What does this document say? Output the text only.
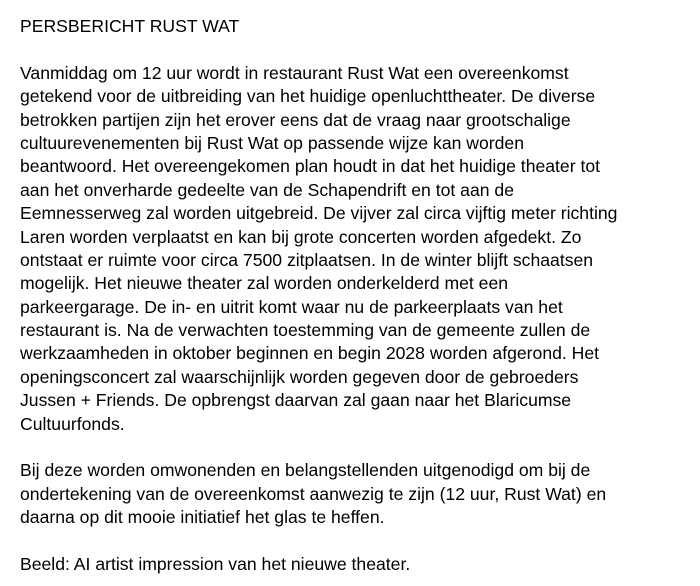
PERSBERICHT RUST WAT
Vanmiddag om 12 uur wordt in restaurant Rust Wat een overeenkomst
getekend voor de uitbreiding van het huidige openluchttheater. De diverse
betrokken partijen zijn het erover eens dat de vraag naar grootschalige
cultuurevenementen bij Rust Wat op passende wijze kan worden
beantwoord. Het overeengekomen plan houdt in dat het huidige theater tot
aan het onverharde gedeelte van de Schapendrift en tot aan de
Eemnesserweg zal worden uitgebreid. De vijver zal circa vijftig meter richting
Laren worden verplaatst en kan bij grote concerten worden afgedekt. Zo
ontstaat er ruimte voor circa 7500 zitplaatsen. In de winter blijft schaatsen
mogelijk. Het nieuwe theater zal worden onderkelderd met een
parkeergarage. De in- en uitrit komt waar nu de parkeerplaats van het
restaurant is. Na de verwachten toestemming van de gemeente zullen de
werkzaamheden in oktober beginnen en begin 2028 worden afgerond. Het
openingsconcert zal waarschijnlijk worden gegeven door de gebroeders
Jussen + Friends. De opbrengst daarvan zal gaan naar het Blaricumse
Cultuurfonds.
Bij deze worden omwonenden en belangstellenden uitgenodigd om bij de
ondertekening van de overeenkomst aanwezig te zijn (12 uur, Rust Wat) en
daarna op dit mooie initiatief het glas te heffen.
Beeld: AI artist impression van het nieuwe theater.
